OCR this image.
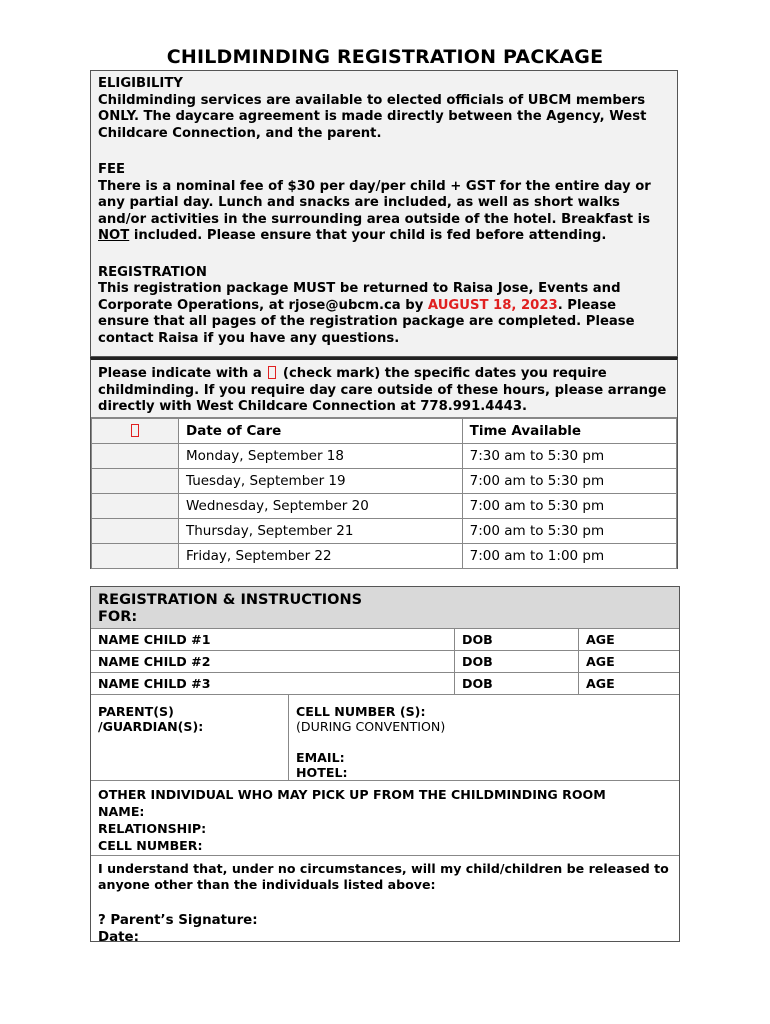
CHILDMINDING REGISTRATION PACKAGE

ELIGIBILITY

Childminding services are available to elected officials of UBCM members ONLY. The daycare agreement is made directly between the Agency, West Childcare Connection, and the parent.

FEE

There is a nominal fee of $30 per day/per child + GST for the entire day or any partial day. Lunch and snacks are included, as well as short walks and/or activities in the surrounding area outside of the hotel. Breakfast is NOT included. Please ensure that your child is fed before attending.

REGISTRATION

This registration package MUST be returned to Raisa Jose, Events and Corporate Operations, at rjose@ubcm.ca by AUGUST 18, 2023. Please ensure that all pages of the registration package are completed. Please contact Raisa if you have any questions.

Please indicate with a (check mark) the specific dates you require childminding. If you require day care outside of these hours, please arrange directly with West Childcare Connection at 778.991.4443.
	Date of Care	Time Available
	Monday, September 18	7:30 am to 5:30 pm
	Tuesday, September 19	7:00 am to 5:30 pm
	Wednesday, September 20	7:00 am to 5:30 pm
	Thursday, September 21	7:00 am to 5:30 pm
	Friday, September 22	7:00 am to 1:00 pm
REGISTRATION & INSTRUCTIONS
FOR:
NAME CHILD #1	DOB	AGE
NAME CHILD #2	DOB	AGE
NAME CHILD #3	DOB	AGE
PARENT(S)
/GUARDIAN(S):
CELL NUMBER (S):
(DURING CONVENTION)
EMAIL:
HOTEL:
OTHER INDIVIDUAL WHO MAY PICK UP FROM THE CHILDMINDING ROOM
NAME:
RELATIONSHIP:
CELL NUMBER:
I understand that, under no circumstances, will my child/children be released to anyone other than the individuals listed above:
? Parent’s Signature:
Date:
